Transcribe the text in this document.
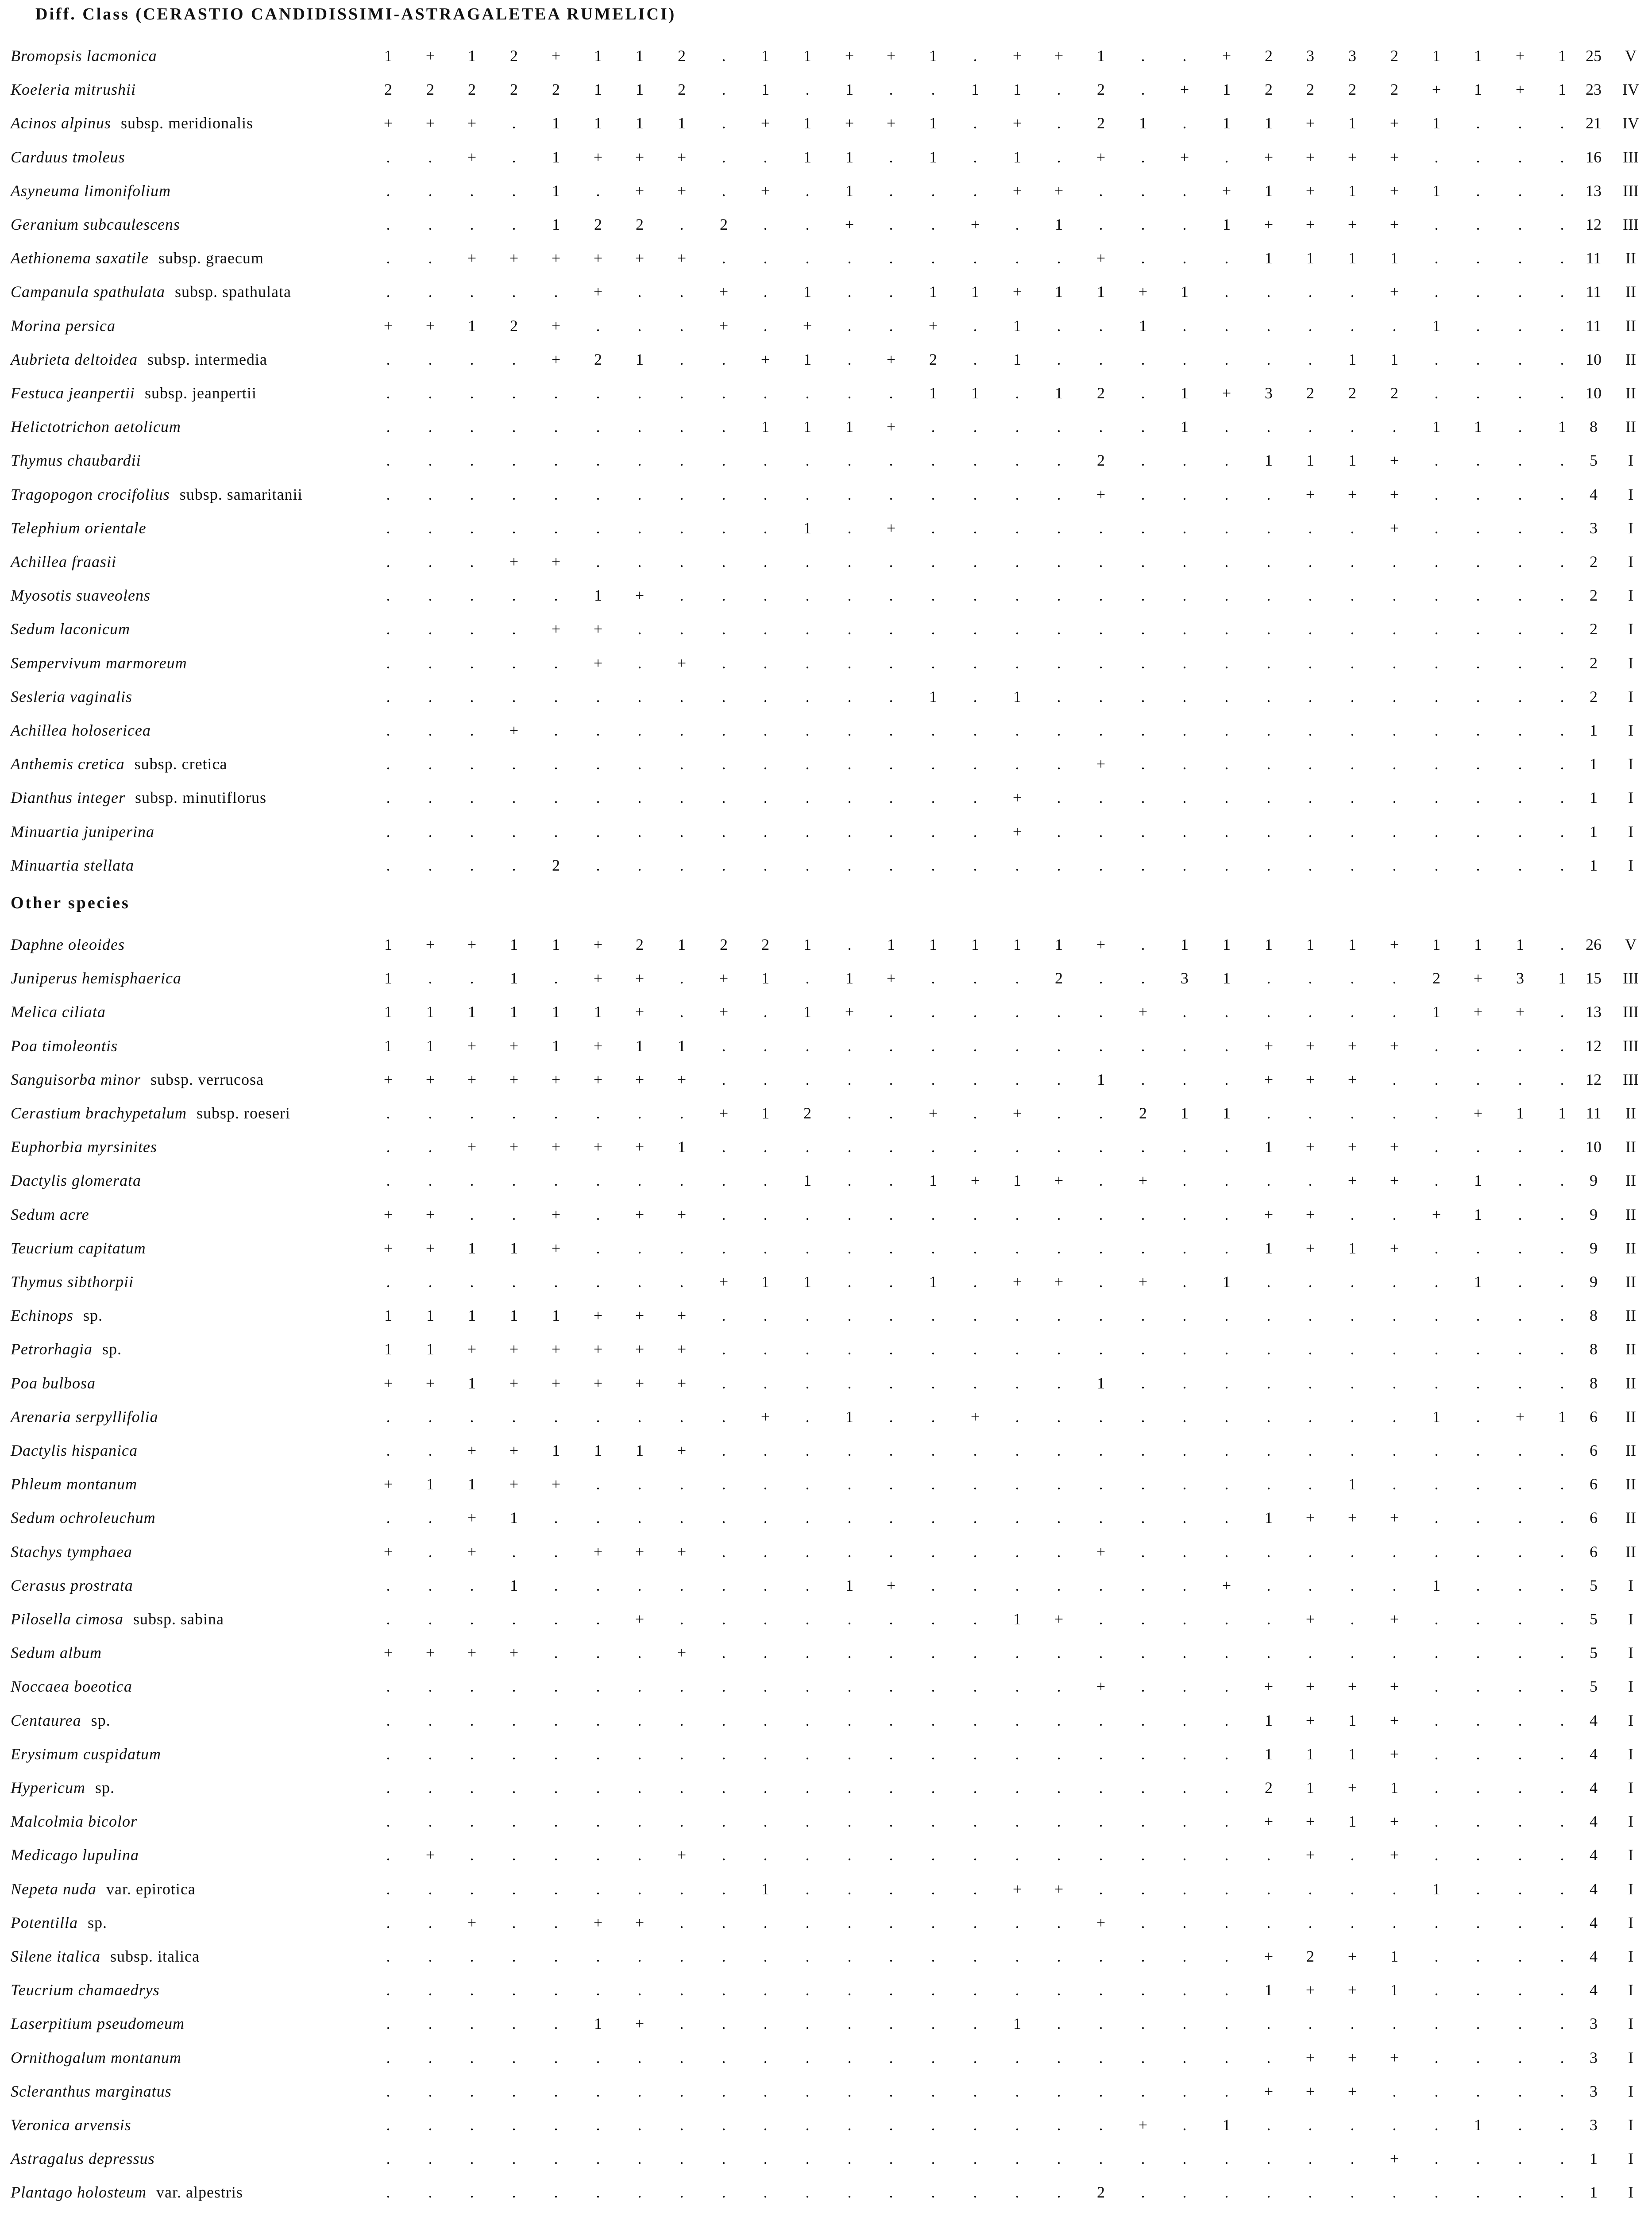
Diff. Class (CERASTIO CANDIDISSIMI-ASTRAGALETEA RUMELICI)
Bromopsis lacmonica	1	+	1	2	+	1	1	2	.	1	1	+	+	1	.	+	+	1	.	.	+	2	3	3	2	1	1	+	1	25	V
Koeleria mitrushii	2	2	2	2	2	1	1	2	.	1	.	1	.	.	1	1	.	2	.	+	1	2	2	2	2	+	1	+	1	23	IV
Acinos alpinus subsp. meridionalis	+	+	+	.	1	1	1	1	.	+	1	+	+	1	.	+	.	2	1	.	1	1	+	1	+	1	.	.	.	21	IV
Carduus tmoleus	.	.	+	.	1	+	+	+	.	.	1	1	.	1	.	1	.	+	.	+	.	+	+	+	+	.	.	.	.	16	III
Asyneuma limonifolium	.	.	.	.	1	.	+	+	.	+	.	1	.	.	.	+	+	.	.	.	+	1	+	1	+	1	.	.	.	13	III
Geranium subcaulescens	.	.	.	.	1	2	2	.	2	.	.	+	.	.	+	.	1	.	.	.	1	+	+	+	+	.	.	.	.	12	III
Aethionema saxatile subsp. graecum	.	.	+	+	+	+	+	+	.	.	.	.	.	.	.	.	.	+	.	.	.	1	1	1	1	.	.	.	.	11	II
Campanula spathulata subsp. spathulata	.	.	.	.	.	+	.	.	+	.	1	.	.	1	1	+	1	1	+	1	.	.	.	.	+	.	.	.	.	11	II
Morina persica	+	+	1	2	+	.	.	.	+	.	+	.	.	+	.	1	.	.	1	.	.	.	.	.	.	1	.	.	.	11	II
Aubrieta deltoidea subsp. intermedia	.	.	.	.	+	2	1	.	.	+	1	.	+	2	.	1	.	.	.	.	.	.	.	1	1	.	.	.	.	10	II
Festuca jeanpertii subsp. jeanpertii	.	.	.	.	.	.	.	.	.	.	.	.	.	1	1	.	1	2	.	1	+	3	2	2	2	.	.	.	.	10	II
Helictotrichon aetolicum	.	.	.	.	.	.	.	.	.	1	1	1	+	.	.	.	.	.	.	1	.	.	.	.	.	1	1	.	1	8	II
Thymus chaubardii	.	.	.	.	.	.	.	.	.	.	.	.	.	.	.	.	.	2	.	.	.	1	1	1	+	.	.	.	.	5	I
Tragopogon crocifolius subsp. samaritanii	.	.	.	.	.	.	.	.	.	.	.	.	.	.	.	.	.	+	.	.	.	.	+	+	+	.	.	.	.	4	I
Telephium orientale	.	.	.	.	.	.	.	.	.	.	1	.	+	.	.	.	.	.	.	.	.	.	.	.	+	.	.	.	.	3	I
Achillea fraasii	.	.	.	+	+	.	.	.	.	.	.	.	.	.	.	.	.	.	.	.	.	.	.	.	.	.	.	.	.	2	I
Myosotis suaveolens	.	.	.	.	.	1	+	.	.	.	.	.	.	.	.	.	.	.	.	.	.	.	.	.	.	.	.	.	.	2	I
Sedum laconicum	.	.	.	.	+	+	.	.	.	.	.	.	.	.	.	.	.	.	.	.	.	.	.	.	.	.	.	.	.	2	I
Sempervivum marmoreum	.	.	.	.	.	+	.	+	.	.	.	.	.	.	.	.	.	.	.	.	.	.	.	.	.	.	.	.	.	2	I
Sesleria vaginalis	.	.	.	.	.	.	.	.	.	.	.	.	.	1	.	1	.	.	.	.	.	.	.	.	.	.	.	.	.	2	I
Achillea holosericea	.	.	.	+	.	.	.	.	.	.	.	.	.	.	.	.	.	.	.	.	.	.	.	.	.	.	.	.	.	1	I
Anthemis cretica subsp. cretica	.	.	.	.	.	.	.	.	.	.	.	.	.	.	.	.	.	+	.	.	.	.	.	.	.	.	.	.	.	1	I
Dianthus integer subsp. minutiflorus	.	.	.	.	.	.	.	.	.	.	.	.	.	.	.	+	.	.	.	.	.	.	.	.	.	.	.	.	.	1	I
Minuartia juniperina	.	.	.	.	.	.	.	.	.	.	.	.	.	.	.	+	.	.	.	.	.	.	.	.	.	.	.	.	.	1	I
Minuartia stellata	.	.	.	.	2	.	.	.	.	.	.	.	.	.	.	.	.	.	.	.	.	.	.	.	.	.	.	.	.	1	I
Other species
Daphne oleoides	1	+	+	1	1	+	2	1	2	2	1	.	1	1	1	1	1	+	.	1	1	1	1	1	+	1	1	1	.	26	V
Juniperus hemisphaerica	1	.	.	1	.	+	+	.	+	1	.	1	+	.	.	.	2	.	.	3	1	.	.	.	.	2	+	3	1	15	III
Melica ciliata	1	1	1	1	1	1	+	.	+	.	1	+	.	.	.	.	.	.	+	.	.	.	.	.	.	1	+	+	.	13	III
Poa timoleontis	1	1	+	+	1	+	1	1	.	.	.	.	.	.	.	.	.	.	.	.	.	+	+	+	+	.	.	.	.	12	III
Sanguisorba minor subsp. verrucosa	+	+	+	+	+	+	+	+	.	.	.	.	.	.	.	.	.	1	.	.	.	+	+	+	.	.	.	.	.	12	III
Cerastium brachypetalum subsp. roeseri	.	.	.	.	.	.	.	.	+	1	2	.	.	+	.	+	.	.	2	1	1	.	.	.	.	.	+	1	1	11	II
Euphorbia myrsinites	.	.	+	+	+	+	+	1	.	.	.	.	.	.	.	.	.	.	.	.	.	1	+	+	+	.	.	.	.	10	II
Dactylis glomerata	.	.	.	.	.	.	.	.	.	.	1	.	.	1	+	1	+	.	+	.	.	.	.	+	+	.	1	.	.	9	II
Sedum acre	+	+	.	.	+	.	+	+	.	.	.	.	.	.	.	.	.	.	.	.	.	+	+	.	.	+	1	.	.	9	II
Teucrium capitatum	+	+	1	1	+	.	.	.	.	.	.	.	.	.	.	.	.	.	.	.	.	1	+	1	+	.	.	.	.	9	II
Thymus sibthorpii	.	.	.	.	.	.	.	.	+	1	1	.	.	1	.	+	+	.	+	.	1	.	.	.	.	.	1	.	.	9	II
Echinops sp.	1	1	1	1	1	+	+	+	.	.	.	.	.	.	.	.	.	.	.	.	.	.	.	.	.	.	.	.	.	8	II
Petrorhagia sp.	1	1	+	+	+	+	+	+	.	.	.	.	.	.	.	.	.	.	.	.	.	.	.	.	.	.	.	.	.	8	II
Poa bulbosa	+	+	1	+	+	+	+	+	.	.	.	.	.	.	.	.	.	1	.	.	.	.	.	.	.	.	.	.	.	8	II
Arenaria serpyllifolia	.	.	.	.	.	.	.	.	.	+	.	1	.	.	+	.	.	.	.	.	.	.	.	.	.	1	.	+	1	6	II
Dactylis hispanica	.	.	+	+	1	1	1	+	.	.	.	.	.	.	.	.	.	.	.	.	.	.	.	.	.	.	.	.	.	6	II
Phleum montanum	+	1	1	+	+	.	.	.	.	.	.	.	.	.	.	.	.	.	.	.	.	.	.	1	.	.	.	.	.	6	II
Sedum ochroleuchum	.	.	+	1	.	.	.	.	.	.	.	.	.	.	.	.	.	.	.	.	.	1	+	+	+	.	.	.	.	6	II
Stachys tymphaea	+	.	+	.	.	+	+	+	.	.	.	.	.	.	.	.	.	+	.	.	.	.	.	.	.	.	.	.	.	6	II
Cerasus prostrata	.	.	.	1	.	.	.	.	.	.	.	1	+	.	.	.	.	.	.	.	+	.	.	.	.	1	.	.	.	5	I
Pilosella cimosa subsp. sabina	.	.	.	.	.	.	+	.	.	.	.	.	.	.	.	1	+	.	.	.	.	.	+	.	+	.	.	.	.	5	I
Sedum album	+	+	+	+	.	.	.	+	.	.	.	.	.	.	.	.	.	.	.	.	.	.	.	.	.	.	.	.	.	5	I
Noccaea boeotica	.	.	.	.	.	.	.	.	.	.	.	.	.	.	.	.	.	+	.	.	.	+	+	+	+	.	.	.	.	5	I
Centaurea sp.	.	.	.	.	.	.	.	.	.	.	.	.	.	.	.	.	.	.	.	.	.	1	+	1	+	.	.	.	.	4	I
Erysimum cuspidatum	.	.	.	.	.	.	.	.	.	.	.	.	.	.	.	.	.	.	.	.	.	1	1	1	+	.	.	.	.	4	I
Hypericum sp.	.	.	.	.	.	.	.	.	.	.	.	.	.	.	.	.	.	.	.	.	.	2	1	+	1	.	.	.	.	4	I
Malcolmia bicolor	.	.	.	.	.	.	.	.	.	.	.	.	.	.	.	.	.	.	.	.	.	+	+	1	+	.	.	.	.	4	I
Medicago lupulina	.	+	.	.	.	.	.	+	.	.	.	.	.	.	.	.	.	.	.	.	.	.	+	.	+	.	.	.	.	4	I
Nepeta nuda var. epirotica	.	.	.	.	.	.	.	.	.	1	.	.	.	.	.	+	+	.	.	.	.	.	.	.	.	1	.	.	.	4	I
Potentilla sp.	.	.	+	.	.	+	+	.	.	.	.	.	.	.	.	.	.	+	.	.	.	.	.	.	.	.	.	.	.	4	I
Silene italica subsp. italica	.	.	.	.	.	.	.	.	.	.	.	.	.	.	.	.	.	.	.	.	.	+	2	+	1	.	.	.	.	4	I
Teucrium chamaedrys	.	.	.	.	.	.	.	.	.	.	.	.	.	.	.	.	.	.	.	.	.	1	+	+	1	.	.	.	.	4	I
Laserpitium pseudomeum	.	.	.	.	.	1	+	.	.	.	.	.	.	.	.	1	.	.	.	.	.	.	.	.	.	.	.	.	.	3	I
Ornithogalum montanum	.	.	.	.	.	.	.	.	.	.	.	.	.	.	.	.	.	.	.	.	.	.	+	+	+	.	.	.	.	3	I
Scleranthus marginatus	.	.	.	.	.	.	.	.	.	.	.	.	.	.	.	.	.	.	.	.	.	+	+	+	.	.	.	.	.	3	I
Veronica arvensis	.	.	.	.	.	.	.	.	.	.	.	.	.	.	.	.	.	.	+	.	1	.	.	.	.	.	1	.	.	3	I
Astragalus depressus	.	.	.	.	.	.	.	.	.	.	.	.	.	.	.	.	.	.	.	.	.	.	.	.	+	.	.	.	.	1	I
Plantago holosteum var. alpestris	.	.	.	.	.	.	.	.	.	.	.	.	.	.	.	.	.	2	.	.	.	.	.	.	.	.	.	.	.	1	I
